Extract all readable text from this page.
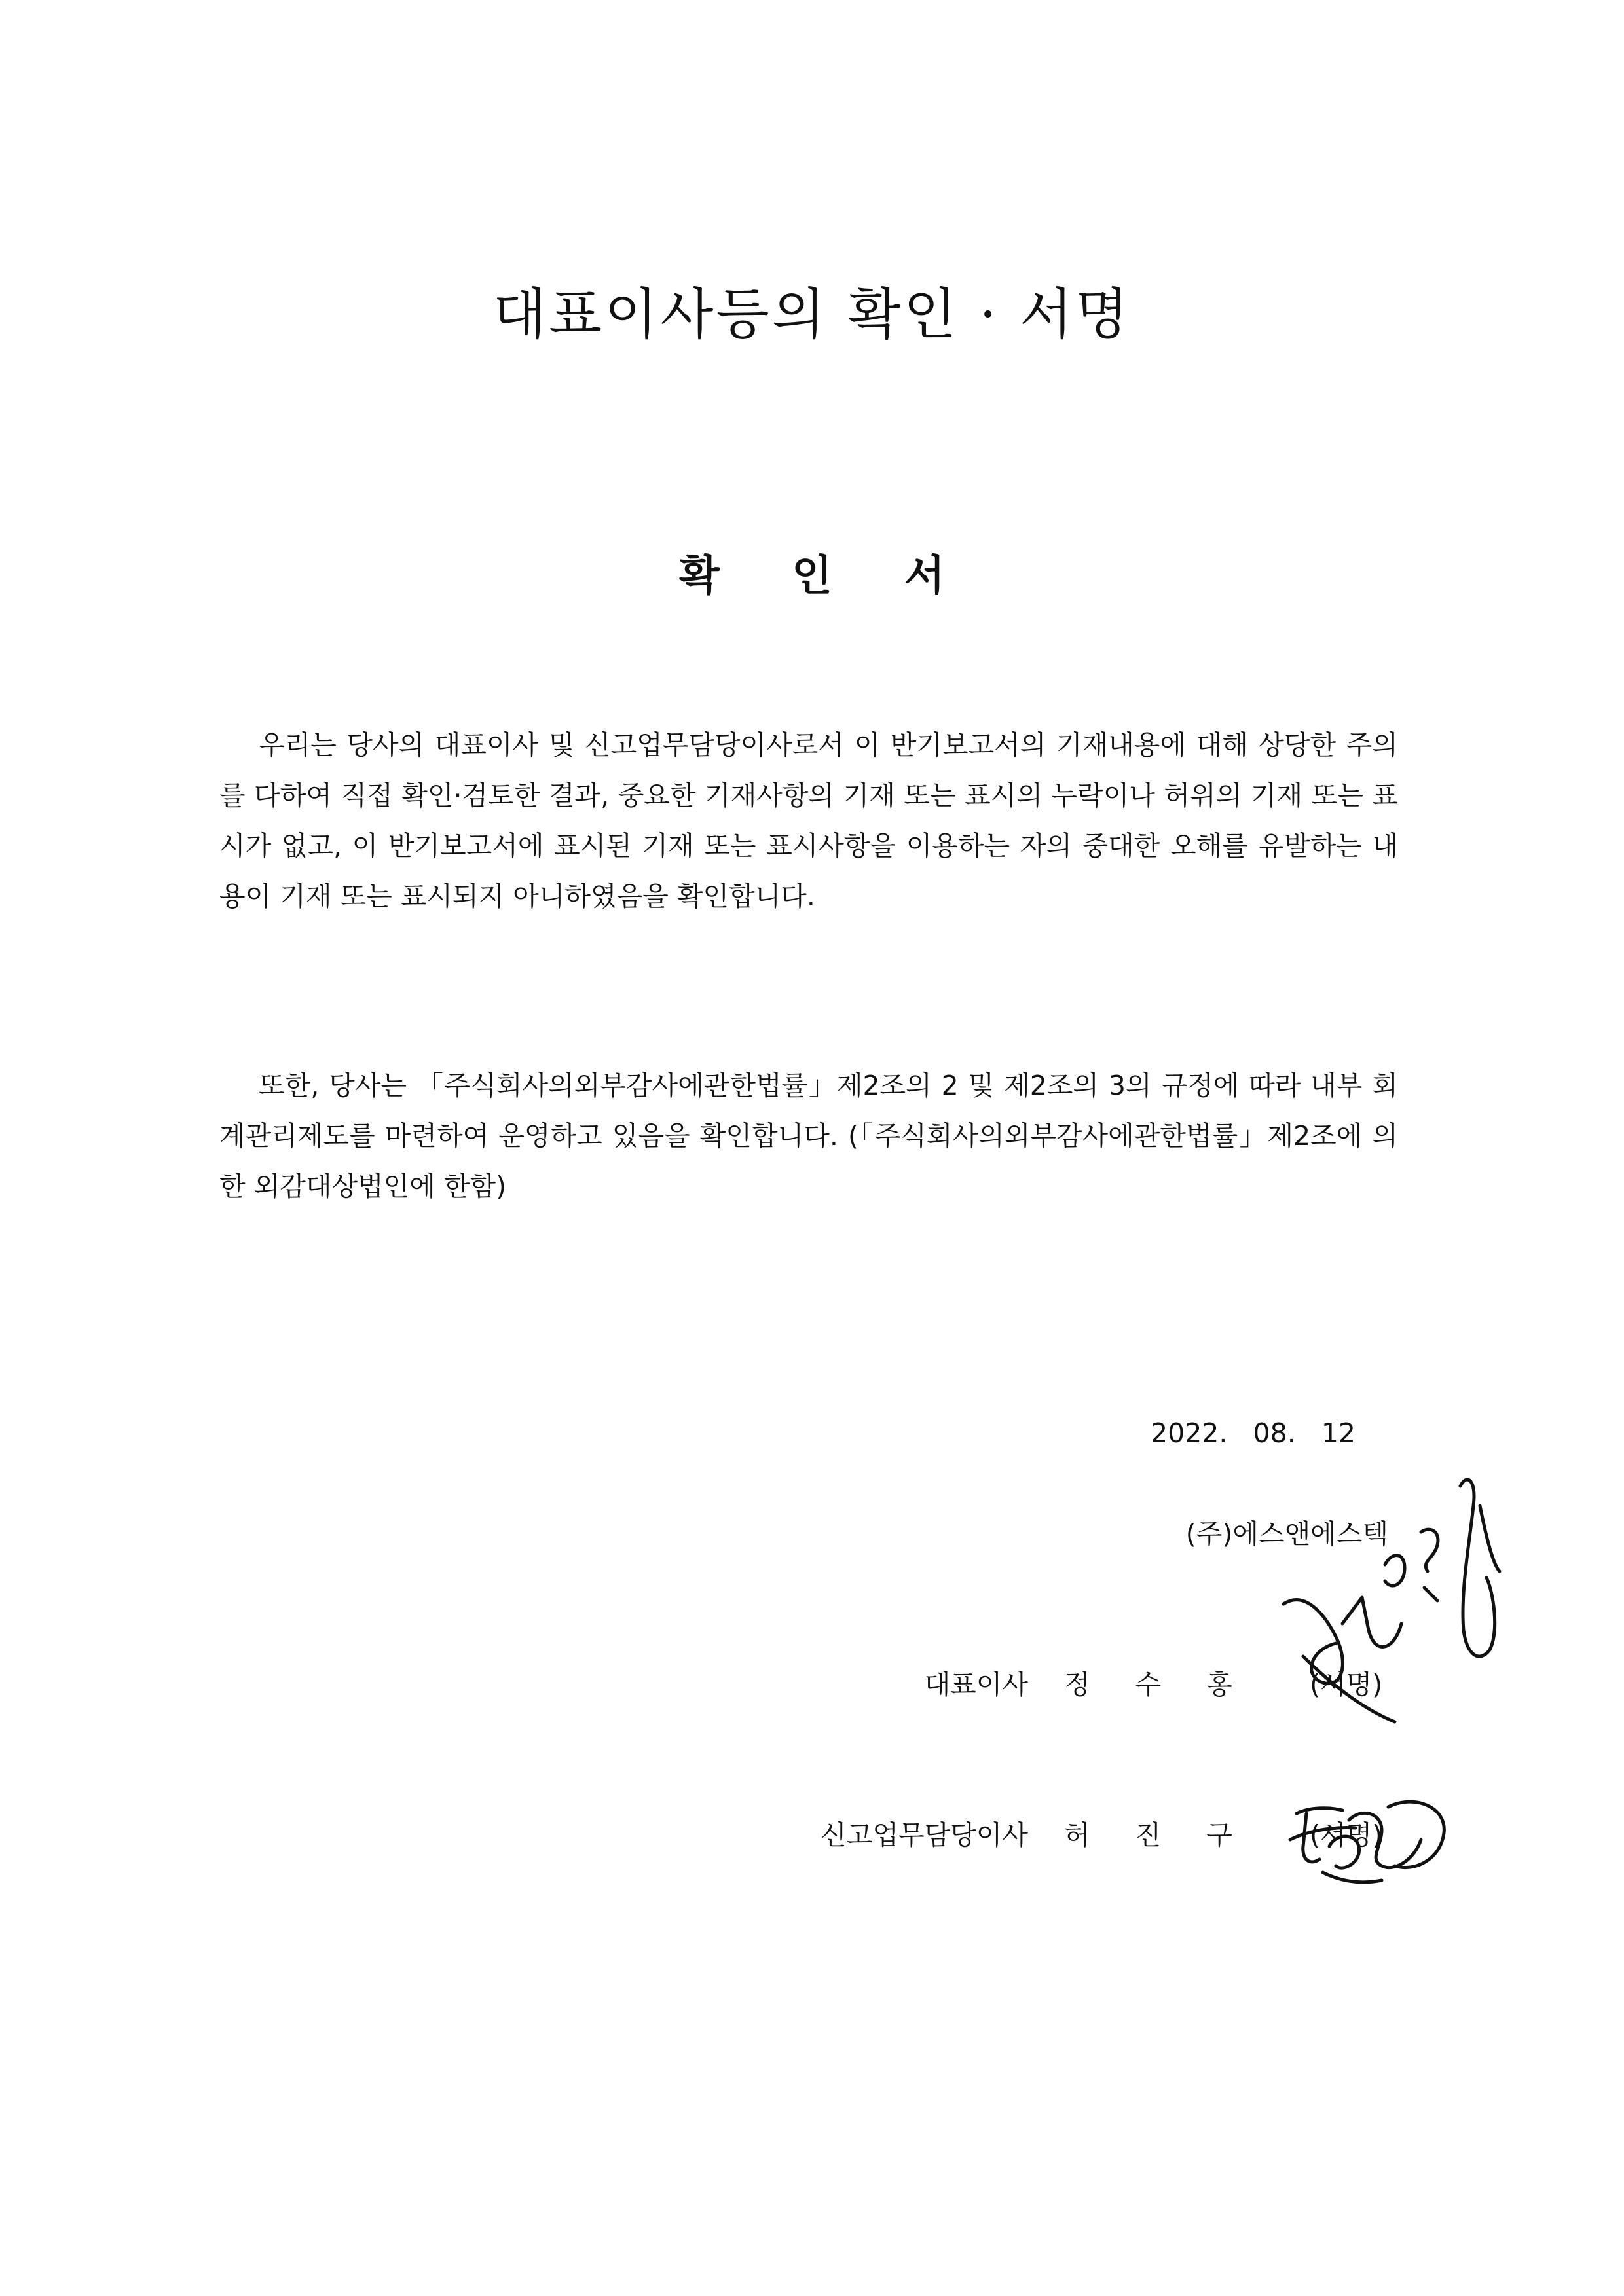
대표이사등의 확인 · 서명
확 인 서

우리는 당사의 대표이사 및 신고업무담당이사로서 이 반기보고서의 기재내용에 대해 상당한 주의를 다하여 직접 확인·검토한 결과, 중요한 기재사항의 기재 또는 표시의 누락이나 허위의 기재 또는 표시가 없고, 이 반기보고서에 표시된 기재 또는 표시사항을 이용하는 자의 중대한 오해를 유발하는 내용이 기재 또는 표시되지 아니하였음을 확인합니다.

또한, 당사는 「주식회사의외부감사에관한법률」제2조의 2 및 제2조의 3의 규정에 따라 내부 회계관리제도를 마련하여 운영하고 있음을 확인합니다. (「주식회사의외부감사에관한법률」제2조에 의한 외감대상법인에 한함)

2022.   08.   12
(주)에스앤에스텍
대표이사 정 수 홍 (서명)
신고업무담당이사 허 진 구 (서명)
